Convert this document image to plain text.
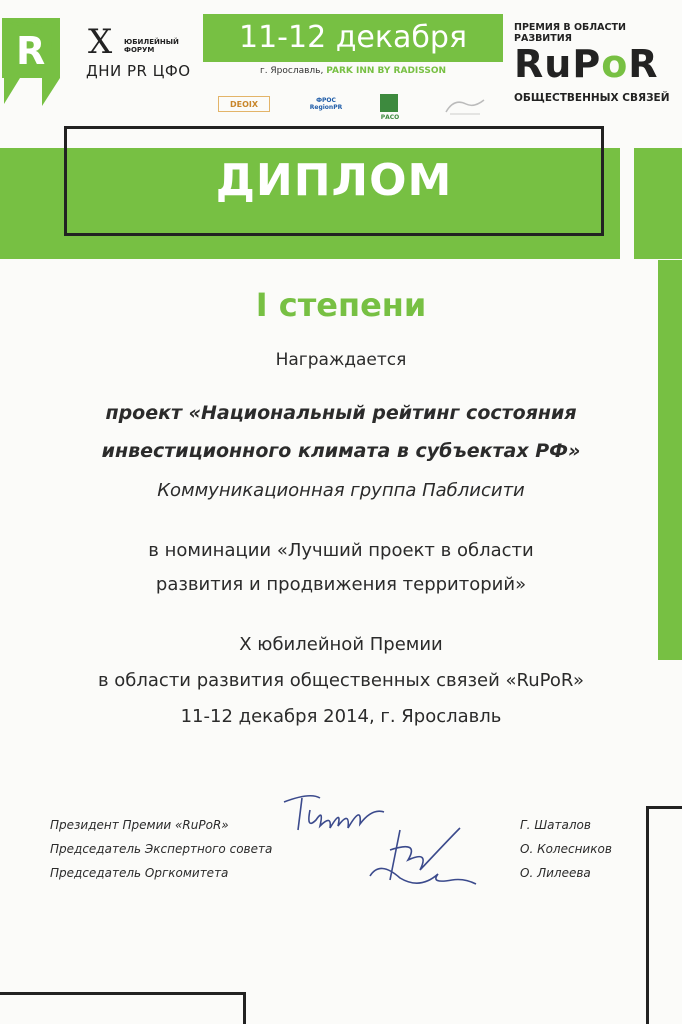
R X ЮБИЛЕЙНЫЙ
ФОРУМ
ДНИ PR ЦФО
11-12 декабря
г. Ярославль, PARK INN BY RADISSON
DEOIX	ФРОС RegionPR
РАСО
ПРЕМИЯ В ОБЛАСТИ РАЗВИТИЯ
RuPoR
ОБЩЕСТВЕННЫХ СВЯЗЕЙ
ДИПЛОМ
I степени
Награждается
проект «Национальный рейтинг состояния
инвестиционного климата в субъектах РФ»
Коммуникационная группа Паблисити
в номинации «Лучший проект в области
развития и продвижения территорий»
X юбилейной Премии
в области развития общественных связей «RuPoR»
11-12 декабря 2014, г. Ярославль
Президент Премии «RuPoR»
Председатель Экспертного совета
Председатель Оргкомитета
Г. Шаталов
О. Колесников
О. Лилеева
